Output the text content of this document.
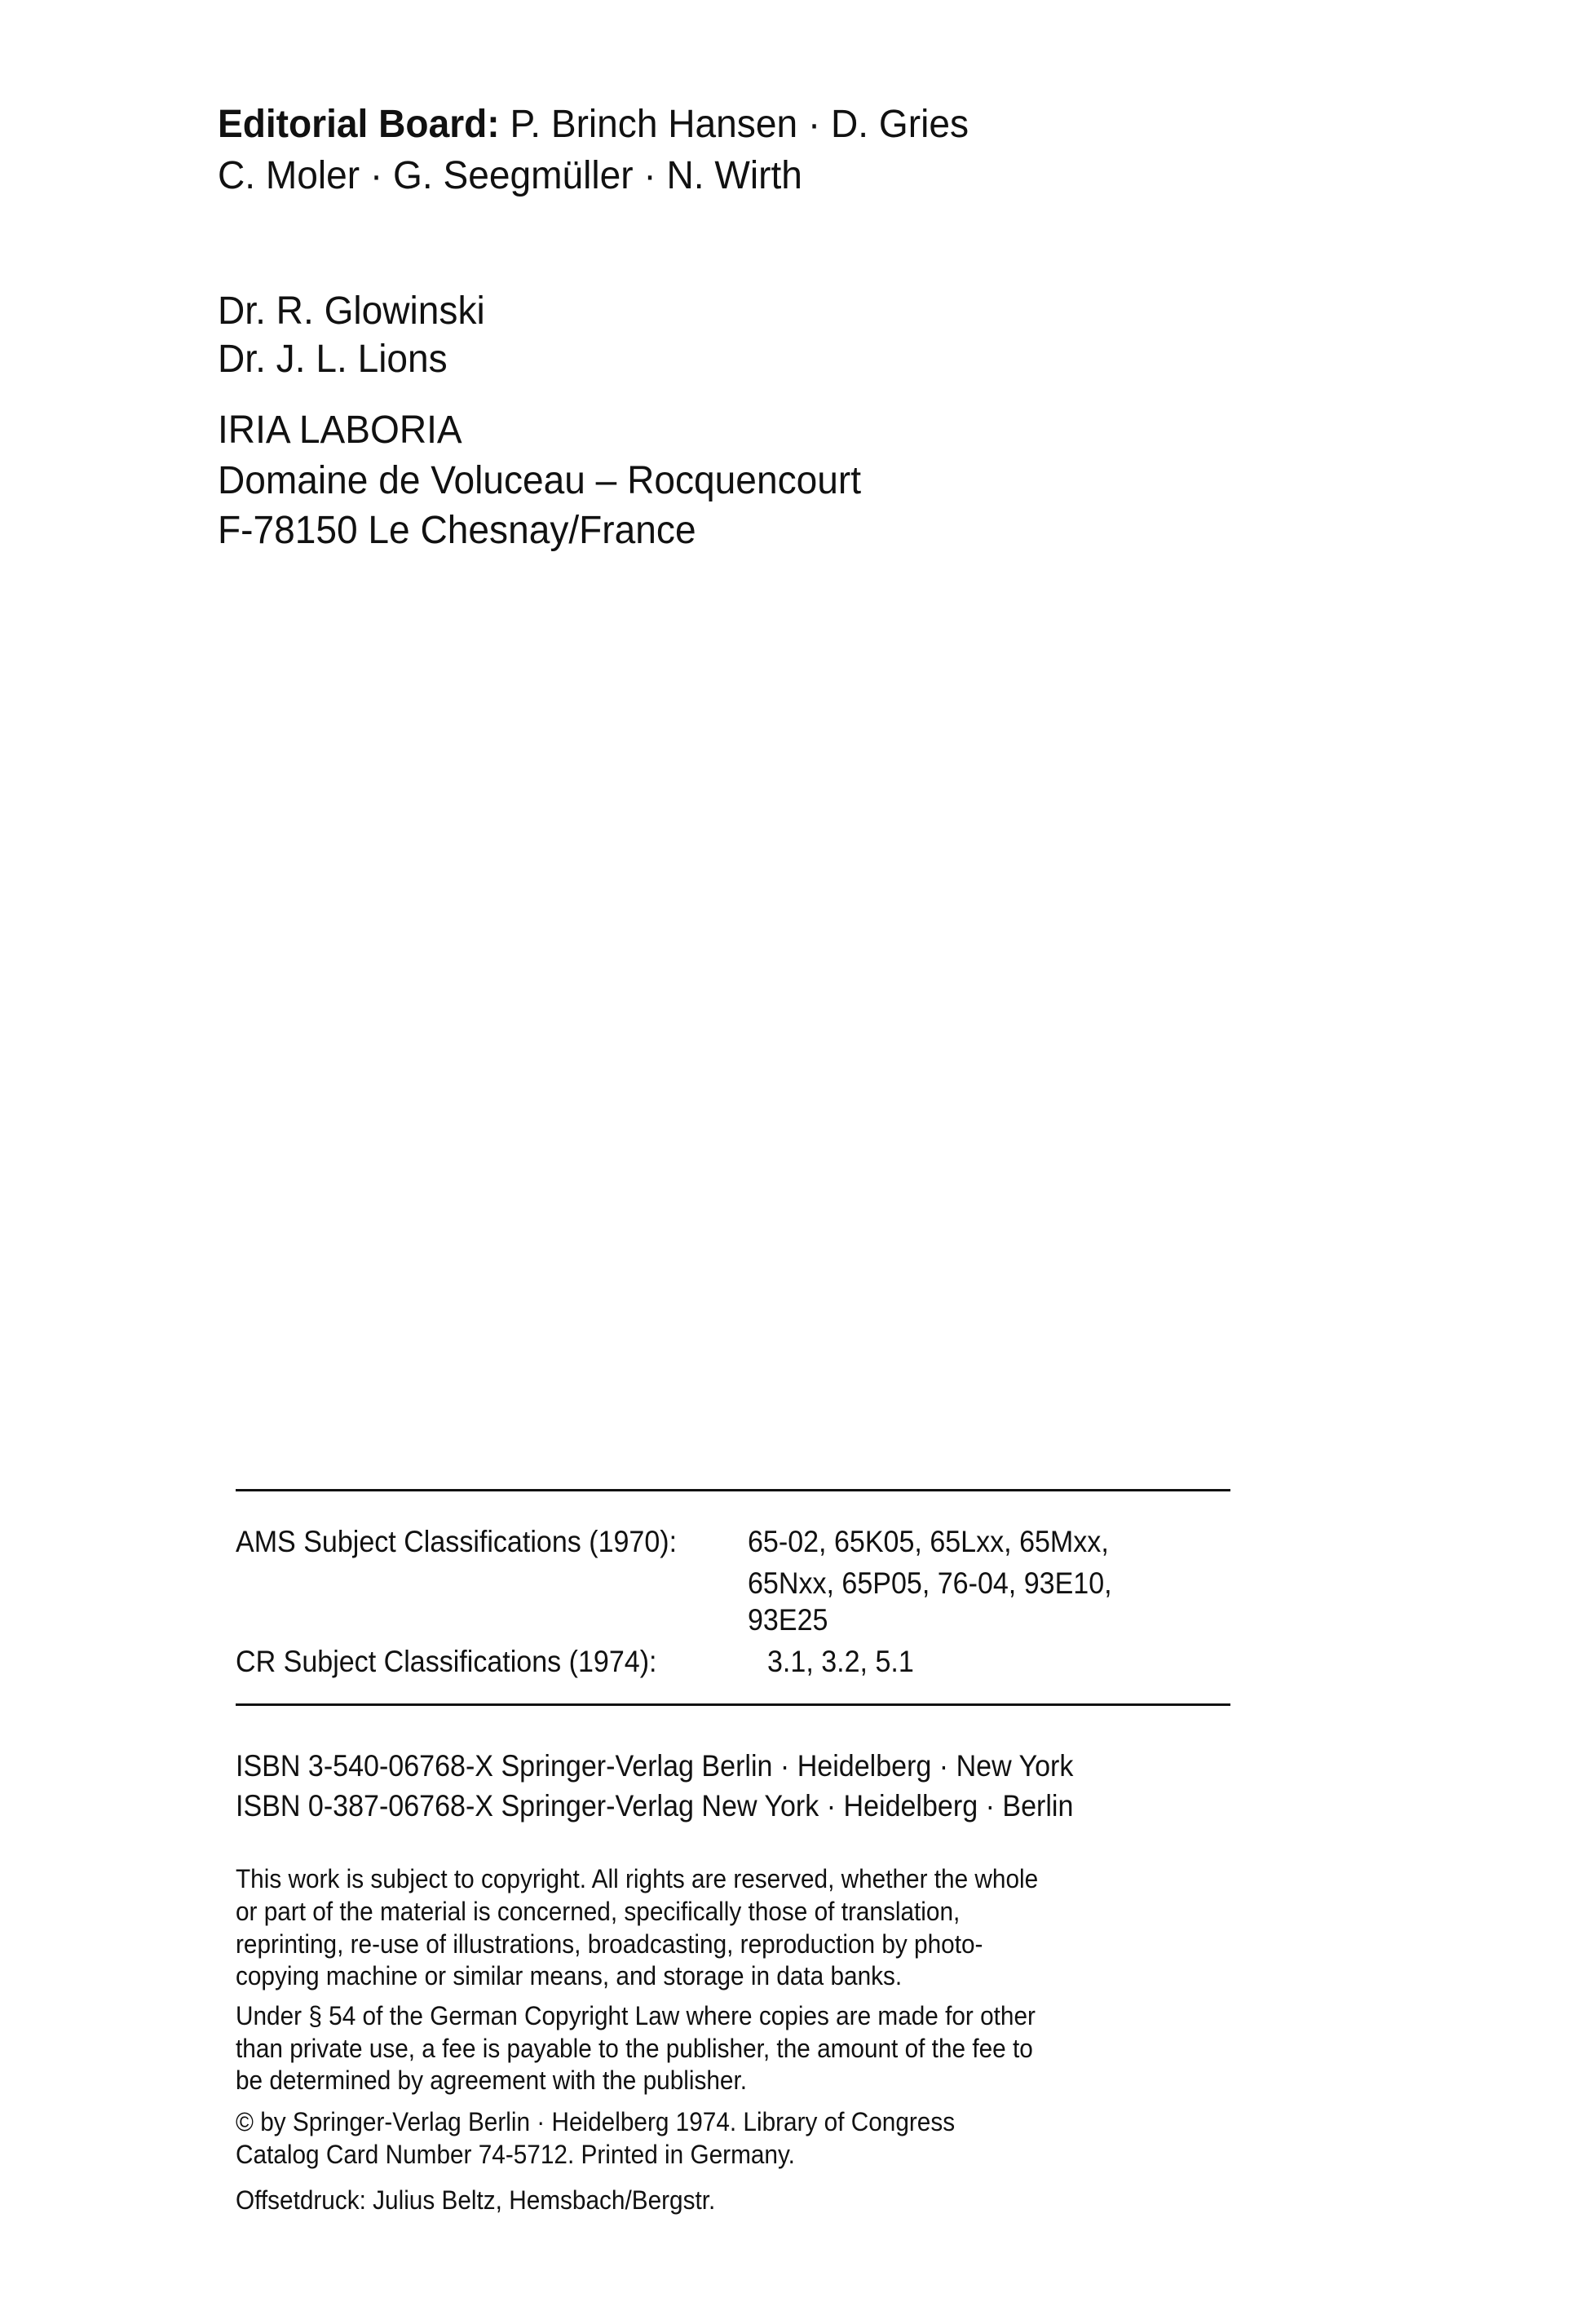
Editorial Board: P. Brinch Hansen · D. Gries
C. Moler · G. Seegmüller · N. Wirth
Dr. R. Glowinski
Dr. J. L. Lions
IRIA LABORIA
Domaine de Voluceau – Rocquencourt
F-78150 Le Chesnay/France
AMS Subject Classifications (1970): 65-02, 65K05, 65Lxx, 65Mxx,
65Nxx, 65P05, 76-04, 93E10,
93E25
CR Subject Classifications (1974):	3.1, 3.2, 5.1
ISBN 3-540-06768-X Springer-Verlag Berlin · Heidelberg · New York
ISBN 0-387-06768-X Springer-Verlag New York · Heidelberg · Berlin
This work is subject to copyright. All rights are reserved, whether the whole
or part of the material is concerned, specifically those of translation,
reprinting, re-use of illustrations, broadcasting, reproduction by photo-
copying machine or similar means, and storage in data banks.
Under § 54 of the German Copyright Law where copies are made for other
than private use, a fee is payable to the publisher, the amount of the fee to
be determined by agreement with the publisher.
© by Springer-Verlag Berlin · Heidelberg 1974. Library of Congress
Catalog Card Number 74-5712. Printed in Germany.
Offsetdruck: Julius Beltz, Hemsbach/Bergstr.
